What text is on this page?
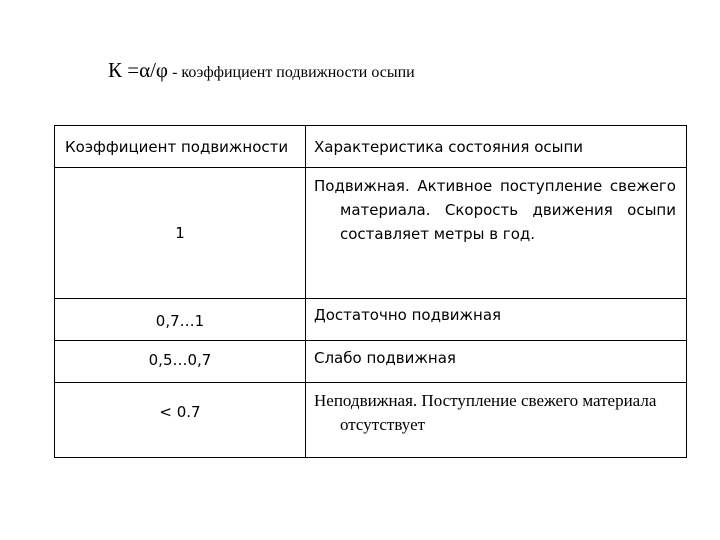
К =α/φ - коэффициент подвижности осыпи
Коэффициент подвижности	Характеристика состояния осыпи

1	Подвижная. Активное поступление свежего материала. Скорость движения осыпи составляет метры в год.

0,7…1	Достаточно подвижная

0,5…0,7	Слабо подвижная

< 0.7	Неподвижная. Поступление свежего материала отсутствует
